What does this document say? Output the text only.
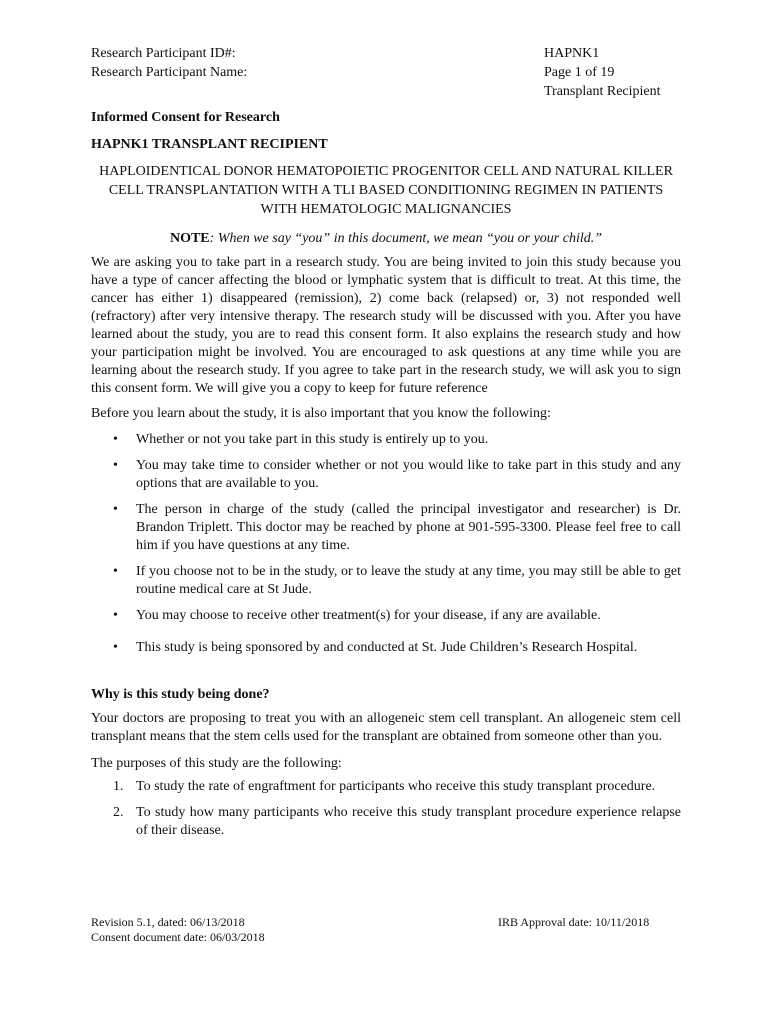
Research Participant ID#:
Research Participant Name:
HAPNK1
Page 1 of 19
Transplant Recipient
Informed Consent for Research
HAPNK1 TRANSPLANT RECIPIENT
HAPLOIDENTICAL DONOR HEMATOPOIETIC PROGENITOR CELL AND NATURAL KILLER CELL TRANSPLANTATION WITH A TLI BASED CONDITIONING REGIMEN IN PATIENTS WITH HEMATOLOGIC MALIGNANCIES
NOTE: When we say “you” in this document, we mean “you or your child.”

We are asking you to take part in a research study. You are being invited to join this study because you have a type of cancer affecting the blood or lymphatic system that is difficult to treat. At this time, the cancer has either 1) disappeared (remission), 2) come back (relapsed) or, 3) not responded well (refractory) after very intensive therapy. The research study will be discussed with you. After you have learned about the study, you are to read this consent form. It also explains the research study and how your participation might be involved. You are encouraged to ask questions at any time while you are learning about the research study. If you agree to take part in the research study, we will ask you to sign this consent form. We will give you a copy to keep for future reference

Before you learn about the study, it is also important that you know the following:

• Whether or not you take part in this study is entirely up to you.
• You may take time to consider whether or not you would like to take part in this study and any options that are available to you.
• The person in charge of the study (called the principal investigator and researcher) is Dr. Brandon Triplett. This doctor may be reached by phone at 901-595-3300. Please feel free to call him if you have questions at any time.
• If you choose not to be in the study, or to leave the study at any time, you may still be able to get routine medical care at St Jude.
• You may choose to receive other treatment(s) for your disease, if any are available.
• This study is being sponsored by and conducted at St. Jude Children’s Research Hospital.
Why is this study being done?

Your doctors are proposing to treat you with an allogeneic stem cell transplant. An allogeneic stem cell transplant means that the stem cells used for the transplant are obtained from someone other than you.

The purposes of this study are the following:

1. To study the rate of engraftment for participants who receive this study transplant procedure.
2. To study how many participants who receive this study transplant procedure experience relapse of their disease.
Revision 5.1, dated: 06/13/2018
Consent document date: 06/03/2018
IRB Approval date: 10/11/2018
